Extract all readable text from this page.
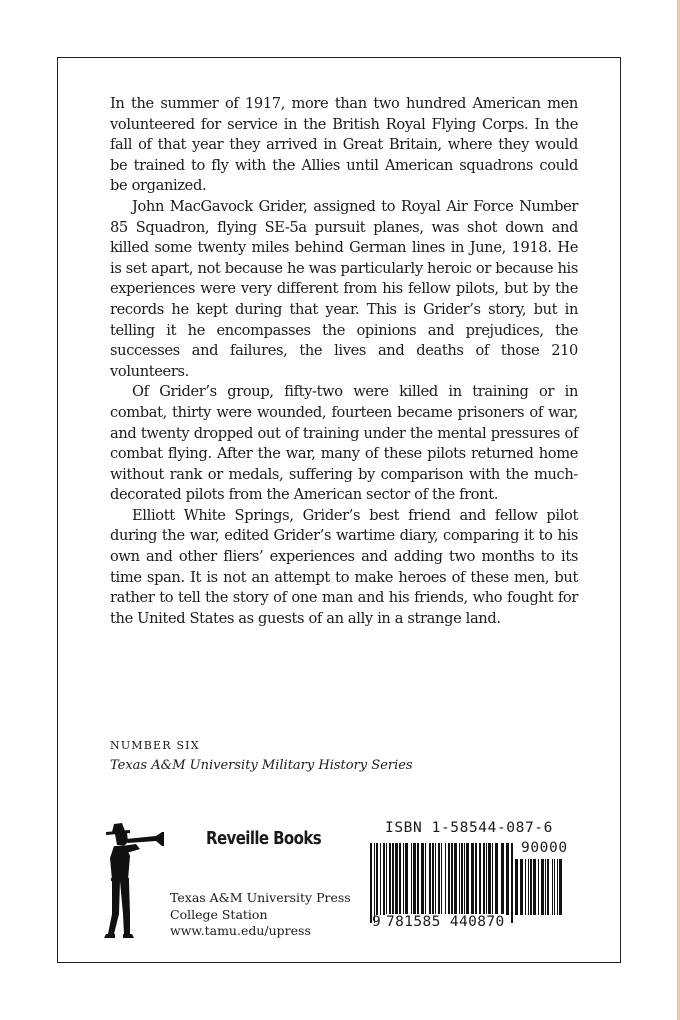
In the summer of 1917, more than two hundred American men volunteered for service in the British Royal Flying Corps. In the fall of that year they arrived in Great Britain, where they would be trained to fly with the Allies until American squadrons could be organized.

John MacGavock Grider, assigned to Royal Air Force Number 85 Squadron, flying SE-5a pursuit planes, was shot down and killed some twenty miles behind German lines in June, 1918. He is set apart, not because he was particularly heroic or because his experiences were very different from his fellow pilots, but by the records he kept during that year. This is Grider’s story, but in telling it he encompasses the opinions and prejudices, the successes and failures, the lives and deaths of those 210 volunteers.

Of Grider’s group, fifty-two were killed in training or in combat, thirty were wounded, fourteen became prisoners of war, and twenty dropped out of training under the mental pressures of combat flying. After the war, many of these pilots returned home without rank or medals, suffering by comparison with the much-decorated pilots from the American sector of the front.

Elliott White Springs, Grider’s best friend and fellow pilot during the war, edited Grider’s wartime diary, comparing it to his own and other fliers’ experiences and adding two months to its time span. It is not an attempt to make heroes of these men, but rather to tell the story of one man and his friends, who fought for the United States as guests of an ally in a strange land.

NUMBER SIX
Texas A&M University Military History Series
Reveille Books
Texas A&M University Press
College Station
www.tamu.edu/upress
ISBN 1-58544-087-6
90000
9 781585 440870
